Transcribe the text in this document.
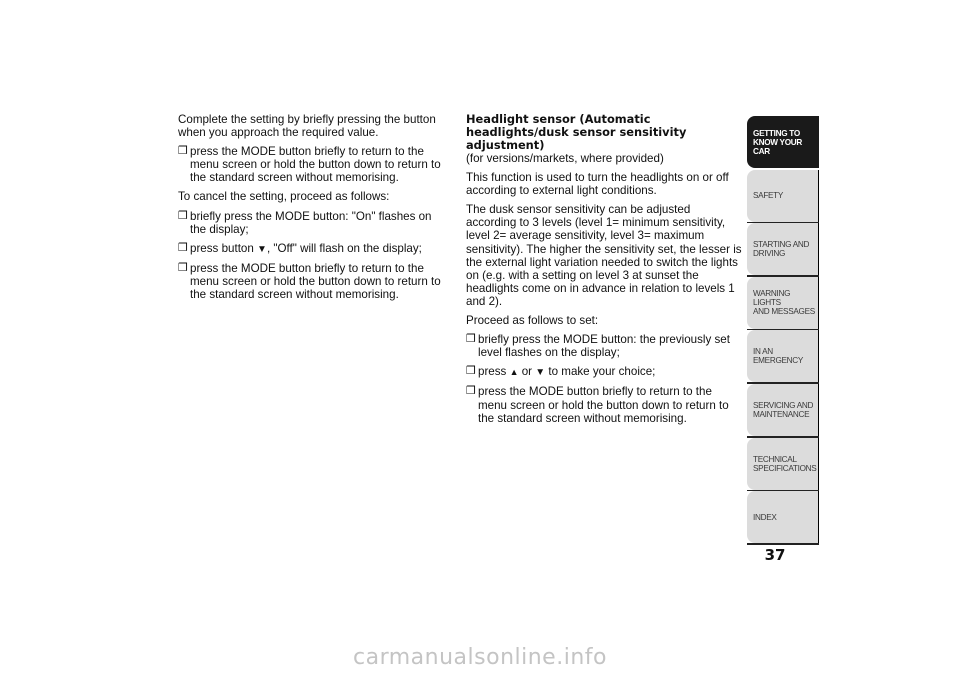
Complete the setting by briefly pressing the button when you approach the required value.

❒ press the MODE button briefly to return to the menu screen or hold the button down to return to the standard screen without memorising.

To cancel the setting, proceed as follows:

❒ briefly press the MODE button: "On" flashes on the display;
❒ press button ▼, "Off" will flash on the display;
❒ press the MODE button briefly to return to the menu screen or hold the button down to return to the standard screen without memorising.

Headlight sensor (Automatic headlights/dusk sensor sensitivity adjustment)

(for versions/markets, where provided)

This function is used to turn the headlights on or off according to external light conditions.

The dusk sensor sensitivity can be adjusted according to 3 levels (level 1= minimum sensitivity, level 2= average sensitivity, level 3= maximum sensitivity). The higher the sensitivity set, the lesser is the external light variation needed to switch the lights on (e.g. with a setting on level 3 at sunset the headlights come on in advance in relation to levels 1 and 2).

Proceed as follows to set:

❒ briefly press the MODE button: the previously set level flashes on the display;
❒ press ▲ or ▼ to make your choice;
❒ press the MODE button briefly to return to the menu screen or hold the button down to return to the standard screen without memorising.
GETTING TO
KNOW YOUR CAR
SAFETY
STARTING AND
DRIVING
WARNING LIGHTS
AND MESSAGES
IN AN EMERGENCY
SERVICING AND
MAINTENANCE
TECHNICAL
SPECIFICATIONS
INDEX
37
carmanualsonline.info
